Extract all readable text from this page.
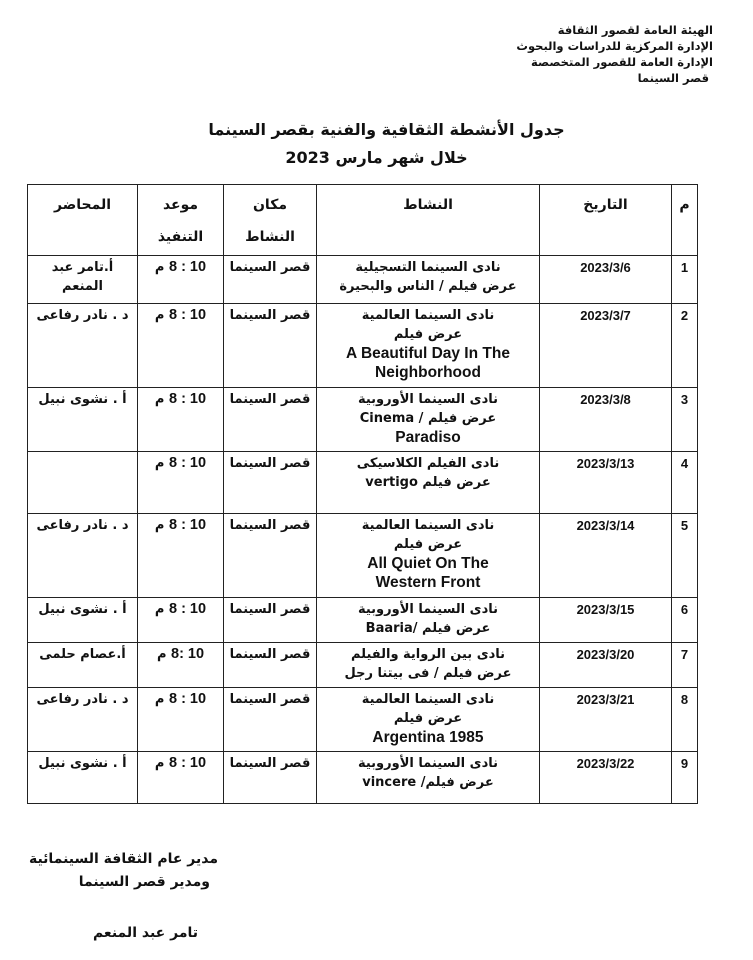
الهيئة العامة لقصور الثقافة
الإدارة المركزية للدراسات والبحوث
الإدارة العامة للقصور المتخصصة
قصر السينما
جدول الأنشطة الثقافية والفنية بقصر السينما
خلال شهر مارس 2023
م	التاريخ	النشاط	مكان النشاط	موعد التنفيذ	المحاضر
1	2023/3/6	نادى السينما التسجيلية
عرض فيلم / الناس والبحيرة	قصر السينما	8 : 10 م	أ.تامر عبد المنعم
2	2023/3/7	نادى السينما العالمية
عرض فيلم
A Beautiful Day In The
Neighborhood	قصر السينما	8 : 10 م	د . نادر رفاعى
3	2023/3/8	نادى السينما الأوروبية
عرض فيلم / Cinema
Paradiso	قصر السينما	8 : 10 م	أ . نشوى نبيل
4	2023/3/13	نادى الفيلم الكلاسيكى
عرض فيلم vertigo	قصر السينما	8 : 10 م	
5	2023/3/14	نادى السينما العالمية
عرض فيلم
All Quiet On The
Western Front	قصر السينما	8 : 10 م	د . نادر رفاعى
6	2023/3/15	نادى السينما الأوروبية
عرض فيلم /Baaria	قصر السينما	8 : 10 م	أ . نشوى نبيل
7	2023/3/20	نادى بين الرواية والفيلم
عرض فيلم / فى بيتنا رجل	قصر السينما	8: 10 م	أ.عصام حلمى
8	2023/3/21	نادى السينما العالمية
عرض فيلم
Argentina 1985	قصر السينما	8 : 10 م	د . نادر رفاعى
9	2023/3/22	نادى السينما الأوروبية
عرض فيلم/ vincere	قصر السينما	8 : 10 م	أ . نشوى نبيل
مدير عام الثقافة السينمائية
ومدير قصر السينما
تامر عبد المنعم
